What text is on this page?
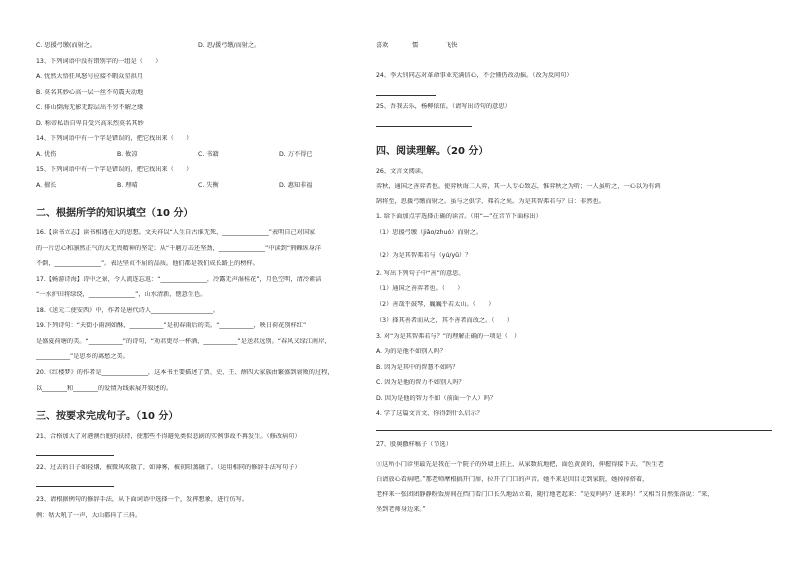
C. 思援弓缴(而射之。	D. 思/援弓缴/而射之。
13、下列词语中没有错别字的一组是（　　）
A. 忧然大悟狂风怒号应接不暇众星拱月
B. 莫名其妙心高一层一丝不苟震天动地
C. 排山倒海无影无踪层出不穷不解之缘
D. 称帝私语自卑自受兴高采烈莫名其妙
14、下列词语中有一个字是错误的，把它找出来（　　）
A. 优伤	B. 攸凉	C. 书籍	D. 万不得已
15、下列词语中有一个字是错误的，把它找出来（　　）
A. 擅长	B. 理晴	C. 失衡	D. 惠知非福
二、根据所学的知识填空（10 分）
16.【读书立志】读书相遇在大的思想。文天祥以“人生自古谁无死，_______________”表明自己对国家
的一片忠心和凛然正气的大无畏精神的坚定；从“千磨万击还坚劲，_______________”中读到“荆棘纵身洋
不倒，_______________”。表达坚贞不屈的品质。他们都是我们成长路上的榜样。
17.【畅游诗海】诗中之景，令人流连忘返：“_______________，冷露无声湿桂花”，月色空明，清冷素洁
“一水护田将绿绕，_______________”，山水清新，惬意生色。
18.《送元二使安西》中，作者是唐代诗人____________________。
19.下列诗句：“天街小雨润如酥，___________”是初春雨后的美。“___________，映日荷花别样红”
是盛夏荷塘的美。“___________”的诗句，“劝君更尽一杯酒，___________”是送君远别。“春风又绿江南岸，
___________”是思乡的离愁之美。
20.《红楼梦》的作者是_______________，这本书主要描述了贾、史、王、薛四大家族由繁盛到衰败的过程，
以________和________的爱情为线索展开叙述的。
三、按要求完成句子。（10 分）
21、合格加大了对港澳台胞的扶持，使那些不得避免类似悲剧的实例事故不再发生。（修改病句）
22、过去的日子如轻烟，被微风吹散了，如薄雾，被初阳蒸融了。（运用相同的修辞手法写句子）
23、请根据例句的修辞手法，从下面词语中选择一个，发挥想象，进行仿写。
例：牯大吼了一声，大山都抖了三抖。
喜欢	懦	飞快
24、李大钊同志对革命事业充满信心，不会懂仍改动摇。（改为反问句）
25、吾我去乐，杨柳依依。（请写出诗句的意思）
四、阅读理解。（20 分）
26、文言文阅读。
弈秋，通国之善弈者也。使弈秋诲二人弈，其一人专心致志，惟弈秋之为听；一人虽听之，一心以为有鸿
鹄将至，思援弓缴而射之。虽与之俱学，弗若之矣。为是其智弗若与？曰：非然也。
1. 给下面加点字选择正确的读音。（用“—”在音节下面标出）
（1）思援弓缴（jiǎo/zhuó）而射之。
（2）为是其智弗若与（yú/yǔ）？
2. 写出下列句子中“善”的意思。
（1）通国之善弈者也。（　　）
（2）善哉乎鼓琴，巍巍乎若太山。（　　）
（3）择其善者而从之，其不善者而改之。（　　）
3. 对“为是其智弗若与？”的理解正确的一项是（　）
A. 为的是他不如别人吗？
B. 因为是其中的智慧不如吗？
C. 因为是他的智力不如别人吗？
D. 因为是他的智力不如（前面一个人）吗？
4. 学了这篇文言文，你得到什么启示？
27、股奥撒样稿子（节选）
①这所小门诊里最先是我在一个院子的外墙上挂上，从家数抗地把，面色黄黄的，伸握得接下去，“医生老
白请放心看病吧。”那老师摩根搞开门扉，拉开了门口的声音。她不来是因目走到家院，她掉掉搭着，
老样来一张团团静静粉饭房间在挡门看门口长久地站立着，随行地老起来：“是爱吗吗？进来吗！”又相当自然张洛说：“来，
坐到老师身边来。”
